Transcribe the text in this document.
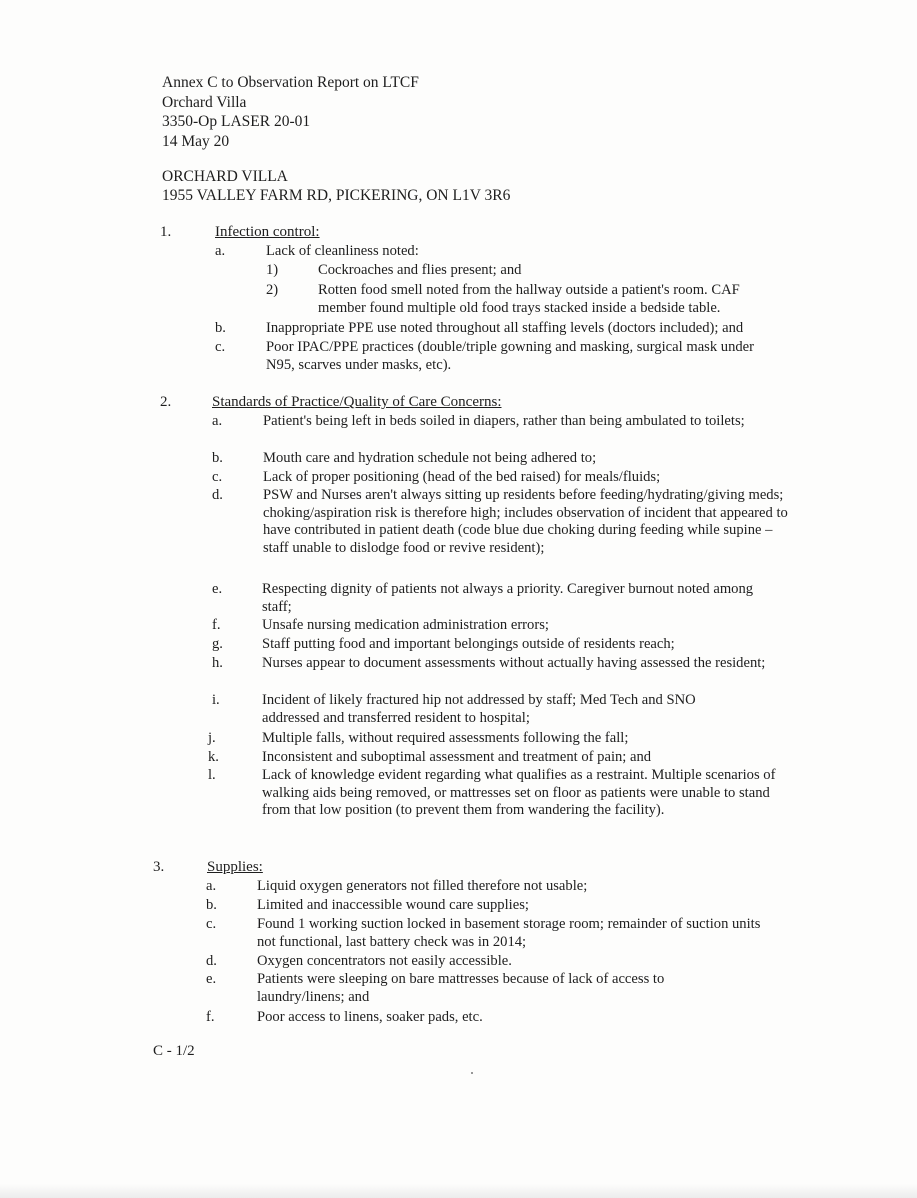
Annex C to Observation Report on LTCF
Orchard Villa
3350-Op LASER 20-01
14 May 20
ORCHARD VILLA
1955 VALLEY FARM RD, PICKERING, ON L1V 3R6
1.	Infection control:
a.	Lack of cleanliness noted:
1)	Cockroaches and flies present; and
2)	Rotten food smell noted from the hallway outside a patient's room. CAF member found multiple old food trays stacked inside a bedside table.
b.	Inappropriate PPE use noted throughout all staffing levels (doctors included); and
c.	Poor IPAC/PPE practices (double/triple gowning and masking, surgical mask under N95, scarves under masks, etc).
2.	Standards of Practice/Quality of Care Concerns:
a.	Patient's being left in beds soiled in diapers, rather than being ambulated to toilets;
b.	Mouth care and hydration schedule not being adhered to;
c.	Lack of proper positioning (head of the bed raised) for meals/fluids;
d.	PSW and Nurses aren't always sitting up residents before feeding/hydrating/giving meds; choking/aspiration risk is therefore high; includes observation of incident that appeared to have contributed in patient death (code blue due choking during feeding while supine – staff unable to dislodge food or revive resident);
e.	Respecting dignity of patients not always a priority. Caregiver burnout noted among staff;
f.	Unsafe nursing medication administration errors;
g.	Staff putting food and important belongings outside of residents reach;
h.	Nurses appear to document assessments without actually having assessed the resident;
i.	Incident of likely fractured hip not addressed by staff; Med Tech and SNO addressed and transferred resident to hospital;
j.	Multiple falls, without required assessments following the fall;
k.	Inconsistent and suboptimal assessment and treatment of pain; and
l.	Lack of knowledge evident regarding what qualifies as a restraint. Multiple scenarios of walking aids being removed, or mattresses set on floor as patients were unable to stand from that low position (to prevent them from wandering the facility).
3.	Supplies:
a.	Liquid oxygen generators not filled therefore not usable;
b.	Limited and inaccessible wound care supplies;
c.	Found 1 working suction locked in basement storage room; remainder of suction units not functional, last battery check was in 2014;
d.	Oxygen concentrators not easily accessible.
e.	Patients were sleeping on bare mattresses because of lack of access to laundry/linens; and
f.	Poor access to linens, soaker pads, etc.
C - 1/2
